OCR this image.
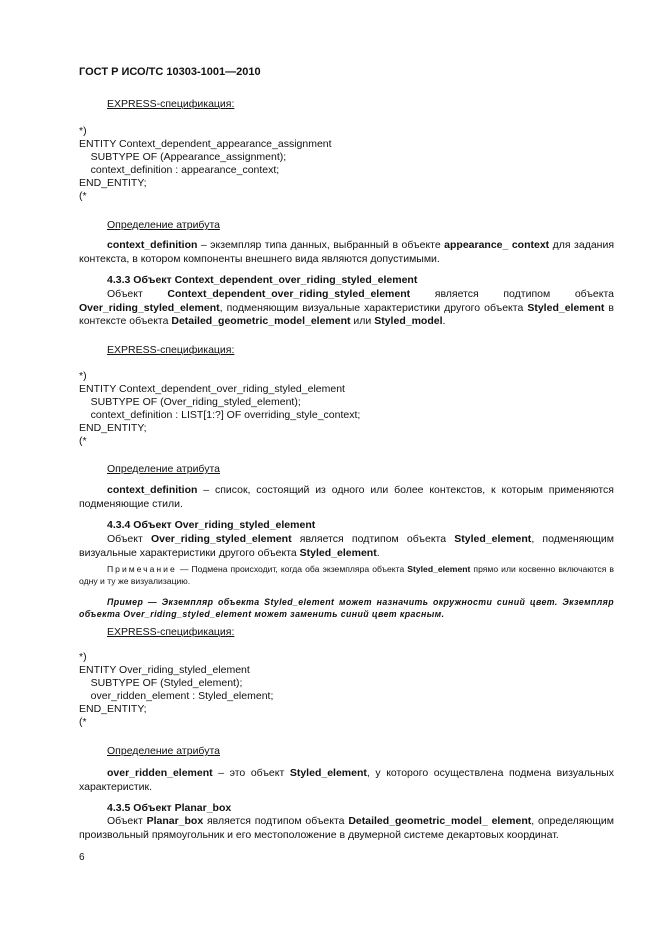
ГОСТ Р ИСО/ТС 10303-1001—2010
EXPRESS-спецификация:
*)
ENTITY Context_dependent_appearance_assignment
SUBTYPE OF (Appearance_assignment);
context_definition : appearance_context;
END_ENTITY;
(*
Определение атрибута
context_definition – экземпляр типа данных, выбранный в объекте appearance_ context для задания контекста, в котором компоненты внешнего вида являются допустимыми.
4.3.3 Объект Context_dependent_over_riding_styled_element
Объект Context_dependent_over_riding_styled_element является подтипом объекта Over_riding_styled_element, подменяющим визуальные характеристики другого объекта Styled_element в контексте объекта Detailed_geometric_model_element или Styled_model.
EXPRESS-спецификация:
*)
ENTITY Context_dependent_over_riding_styled_element
SUBTYPE OF (Over_riding_styled_element);
context_definition : LIST[1:?] OF overriding_style_context;
END_ENTITY;
(*
Определение атрибута
context_definition – список, состоящий из одного или более контекстов, к которым применяются подменяющие стили.
4.3.4 Объект Over_riding_styled_element
Объект Over_riding_styled_element является подтипом объекта Styled_element, подменяющим визуальные характеристики другого объекта Styled_element.
Примечание — Подмена происходит, когда оба экземпляра объекта Styled_element прямо или косвенно включаются в одну и ту же визуализацию.
Пример — Экземпляр объекта Styled_element может назначить окружности синий цвет. Экземпляр объекта Over_riding_styled_element может заменить синий цвет красным.
EXPRESS-спецификация:
*)
ENTITY Over_riding_styled_element
SUBTYPE OF (Styled_element);
over_ridden_element : Styled_element;
END_ENTITY;
(*
Определение атрибута
over_ridden_element – это объект Styled_element, у которого осуществлена подмена визуальных характеристик.
4.3.5 Объект Planar_box
Объект Planar_box является подтипом объекта Detailed_geometric_model_ element, определяющим произвольный прямоугольник и его местоположение в двумерной системе декартовых координат.
6
